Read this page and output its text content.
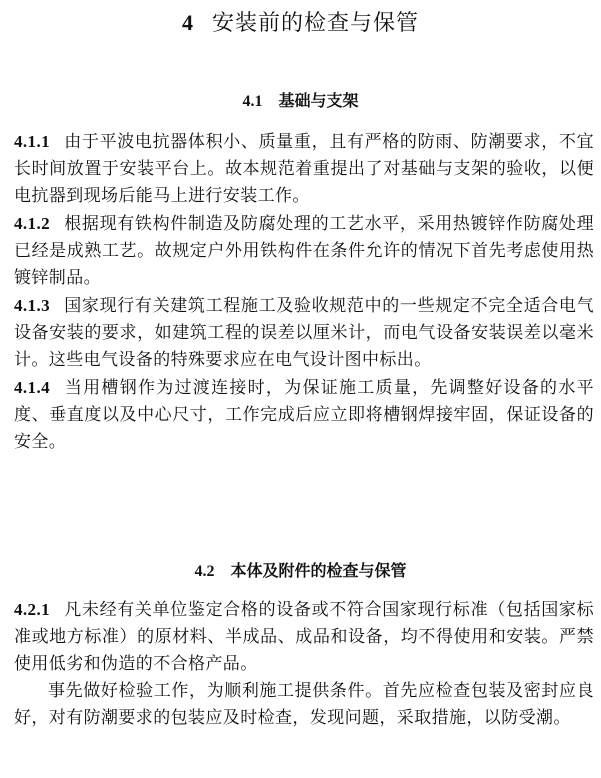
4 安装前的检查与保管
4.1 基础与支架

4.1.1 由于平波电抗器体积小、质量重，且有严格的防雨、防潮要求，不宜长时间放置于安装平台上。故本规范着重提出了对基础与支架的验收，以便电抗器到现场后能马上进行安装工作。

4.1.2 根据现有铁构件制造及防腐处理的工艺水平，采用热镀锌作防腐处理已经是成熟工艺。故规定户外用铁构件在条件允许的情况下首先考虑使用热镀锌制品。

4.1.3 国家现行有关建筑工程施工及验收规范中的一些规定不完全适合电气设备安装的要求，如建筑工程的误差以厘米计，而电气设备安装误差以毫米计。这些电气设备的特殊要求应在电气设计图中标出。

4.1.4 当用槽钢作为过渡连接时，为保证施工质量，先调整好设备的水平度、垂直度以及中心尺寸，工作完成后应立即将槽钢焊接牢固，保证设备的安全。

4.2 本体及附件的检查与保管

4.2.1 凡未经有关单位鉴定合格的设备或不符合国家现行标准（包括国家标准或地方标准）的原材料、半成品、成品和设备，均不得使用和安装。严禁使用低劣和伪造的不合格产品。

事先做好检验工作，为顺利施工提供条件。首先应检查包装及密封应良好，对有防潮要求的包装应及时检查，发现问题，采取措施，以防受潮。
